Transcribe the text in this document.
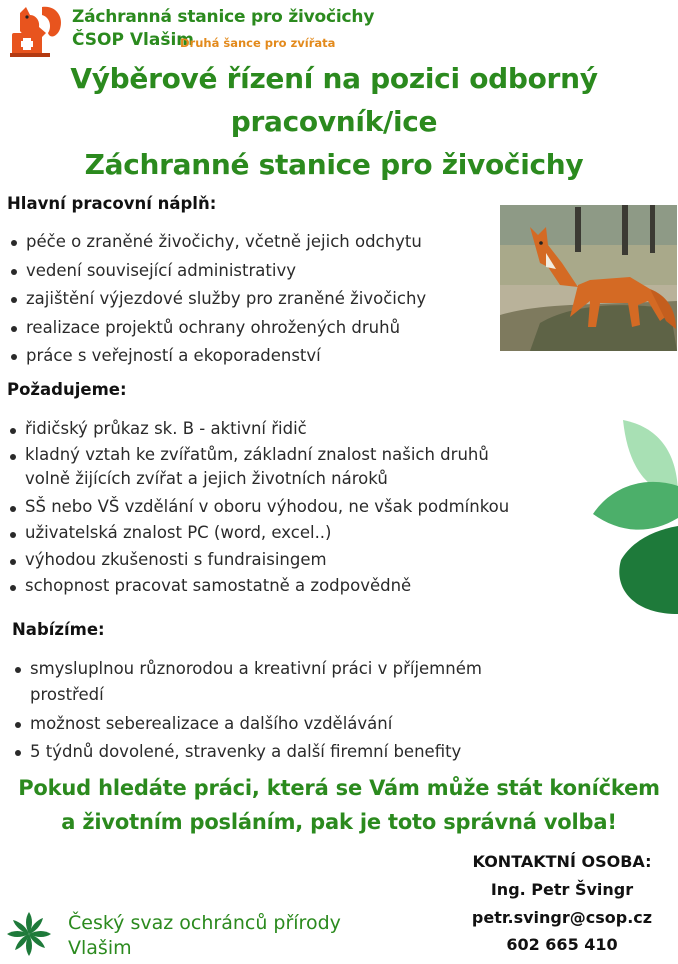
Záchranná stanice pro živočichy
ČSOP Vlašim
Druhá šance pro zvířata
Výběrové řízení na pozici odborný
pracovník/ice
Záchranné stanice pro živočichy
Hlavní pracovní náplň:
péče o zraněné živočichy, včetně jejich odchytu
vedení související administrativy
zajištění výjezdové služby pro zraněné živočichy
realizace projektů ochrany ohrožených druhů
práce s veřejností a ekoporadenství
Požadujeme:
řidičský průkaz sk. B - aktivní řidič
kladný vztah ke zvířatům, základní znalost našich druhů volně žijících zvířat a jejich životních nároků
SŠ nebo VŠ vzdělání v oboru výhodou, ne však podmínkou
uživatelská znalost PC (word, excel..)
výhodou zkušenosti s fundraisingem
schopnost pracovat samostatně a zodpovědně
Nabízíme:
smysluplnou různorodou a kreativní práci v příjemném prostředí
možnost seberealizace a dalšího vzdělávání
5 týdnů dovolené, stravenky a další firemní benefity
Pokud hledáte práci, která se Vám může stát koníčkem
a životním posláním, pak je toto správná volba!
KONTAKTNÍ OSOBA:
Ing. Petr Švingr
petr.svingr@csop.cz
602 665 410
Český svaz ochránců přírody
Vlašim
